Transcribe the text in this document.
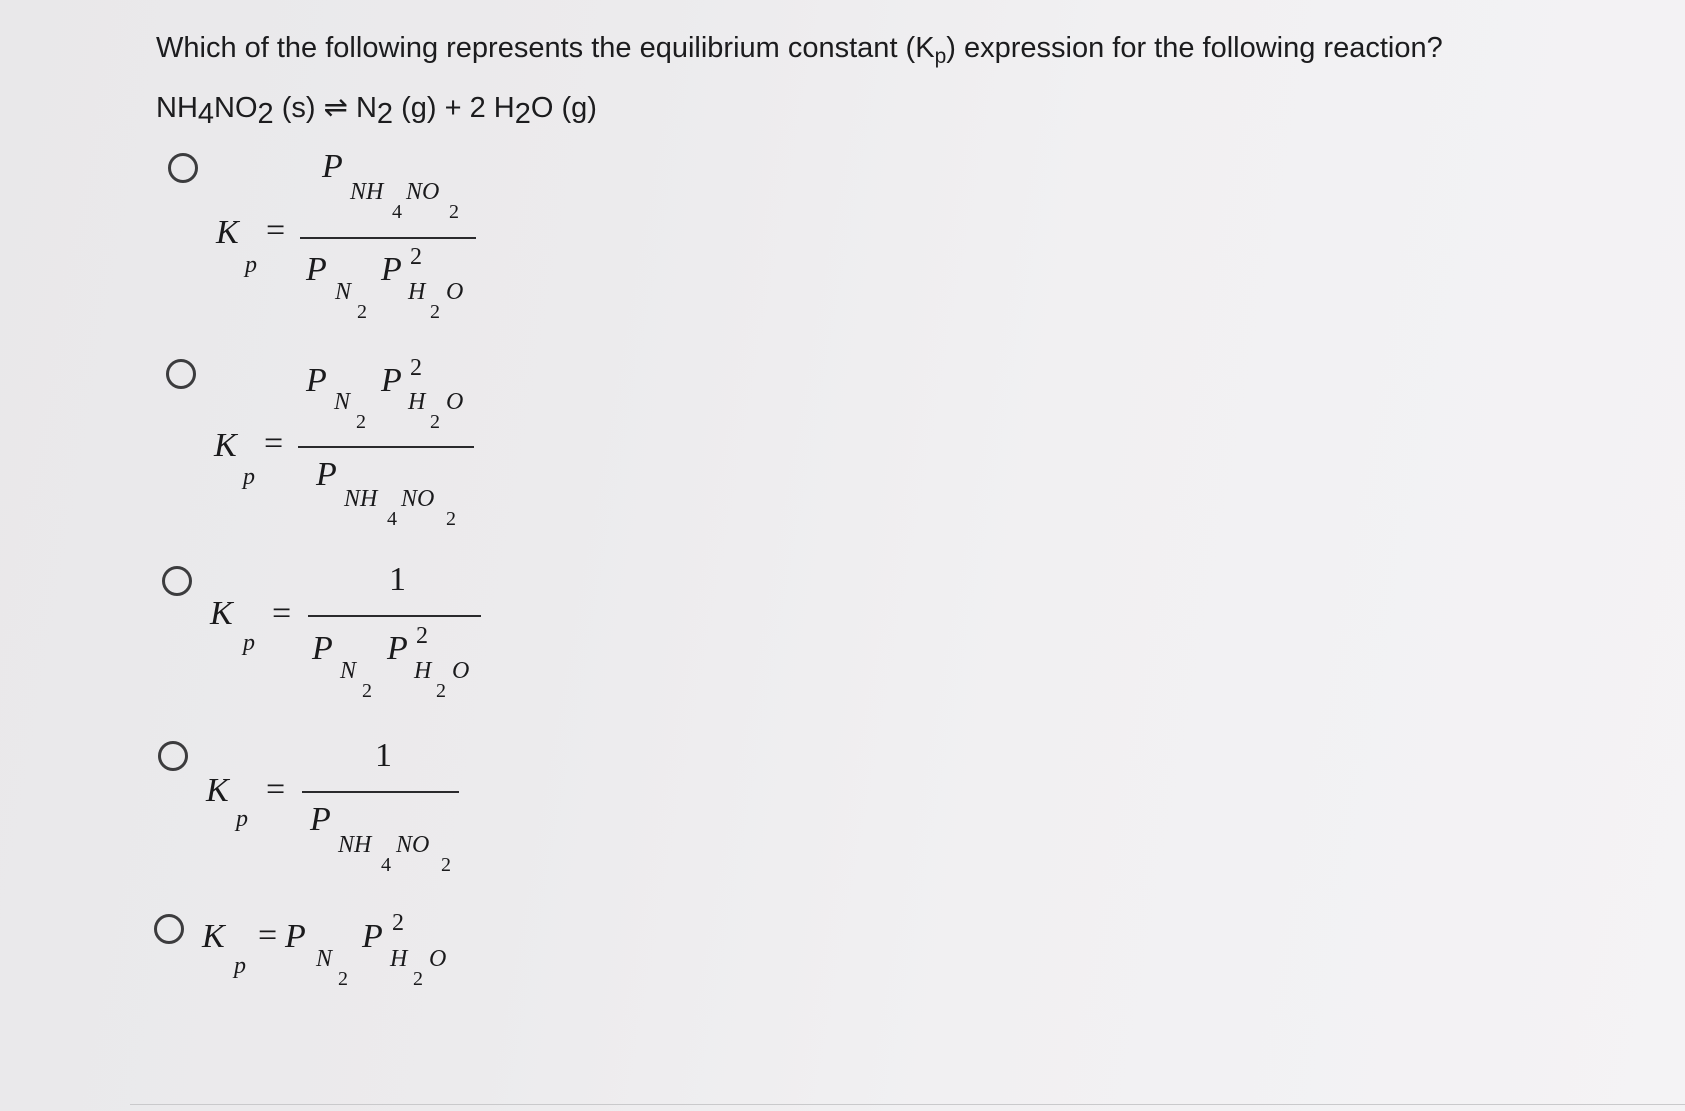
Which of the following represents the equilibrium constant $(K_p)$ expression for the following reaction?
NH4NO2 (s) ⇌ N2 (g) + 2 H2O (g)
K
p
=
P
NH
4
NO
2
P
N
2
P 2
H
2
O
K
p
=
P
N
2
P 2
H
2
O
P
NH
4
NO
2
K
p
=
1
P
N
2
P 2
H
2
O
K
p
=
1
P
NH
4
NO
2
K
p
= P
N
2
P 2
H
2
O
